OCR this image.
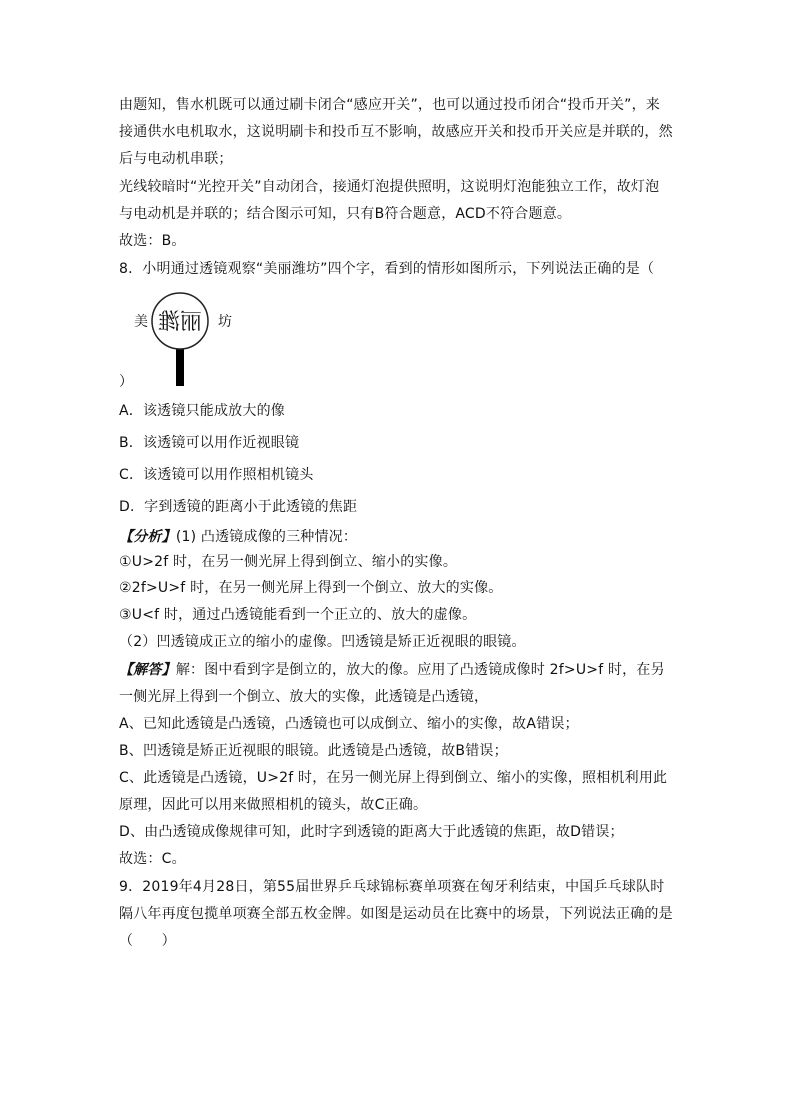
由题知，售水机既可以通过刷卡闭合“感应开关”，也可以通过投币闭合“投币开关”，来
接通供水电机取水，这说明刷卡和投币互不影响，故感应开关和投币开关应是并联的，然
后与电动机串联；
光线较暗时“光控开关”自动闭合，接通灯泡提供照明，这说明灯泡能独立工作，故灯泡
与电动机是并联的；结合图示可知，只有B符合题意，ACD不符合题意。
故选：B。
8．小明通过透镜观察“美丽潍坊”四个字，看到的情形如图所示，下列说法正确的是（
美	坊
丽潍
）
A．该透镜只能成放大的像
B．该透镜可以用作近视眼镜
C．该透镜可以用作照相机镜头
D．字到透镜的距离小于此透镜的焦距
【分析】(1) 凸透镜成像的三种情况：
①U>2f 时，在另一侧光屏上得到倒立、缩小的实像。
②2f>U>f 时，在另一侧光屏上得到一个倒立、放大的实像。
③U<f 时，通过凸透镜能看到一个正立的、放大的虚像。
（2）凹透镜成正立的缩小的虚像。凹透镜是矫正近视眼的眼镜。
【解答】解：图中看到字是倒立的，放大的像。应用了凸透镜成像时 2f>U>f 时，在另
一侧光屏上得到一个倒立、放大的实像，此透镜是凸透镜，
A、已知此透镜是凸透镜，凸透镜也可以成倒立、缩小的实像，故A错误；
B、凹透镜是矫正近视眼的眼镜。此透镜是凸透镜，故B错误；
C、此透镜是凸透镜，U>2f 时，在另一侧光屏上得到倒立、缩小的实像，照相机利用此
原理，因此可以用来做照相机的镜头，故C正确。
D、由凸透镜成像规律可知，此时字到透镜的距离大于此透镜的焦距，故D错误；
故选：C。
9．2019年4月28日，第55届世界乒乓球锦标赛单项赛在匈牙利结束，中国乒乓球队时
隔八年再度包揽单项赛全部五枚金牌。如图是运动员在比赛中的场景，下列说法正确的是
（　　）
